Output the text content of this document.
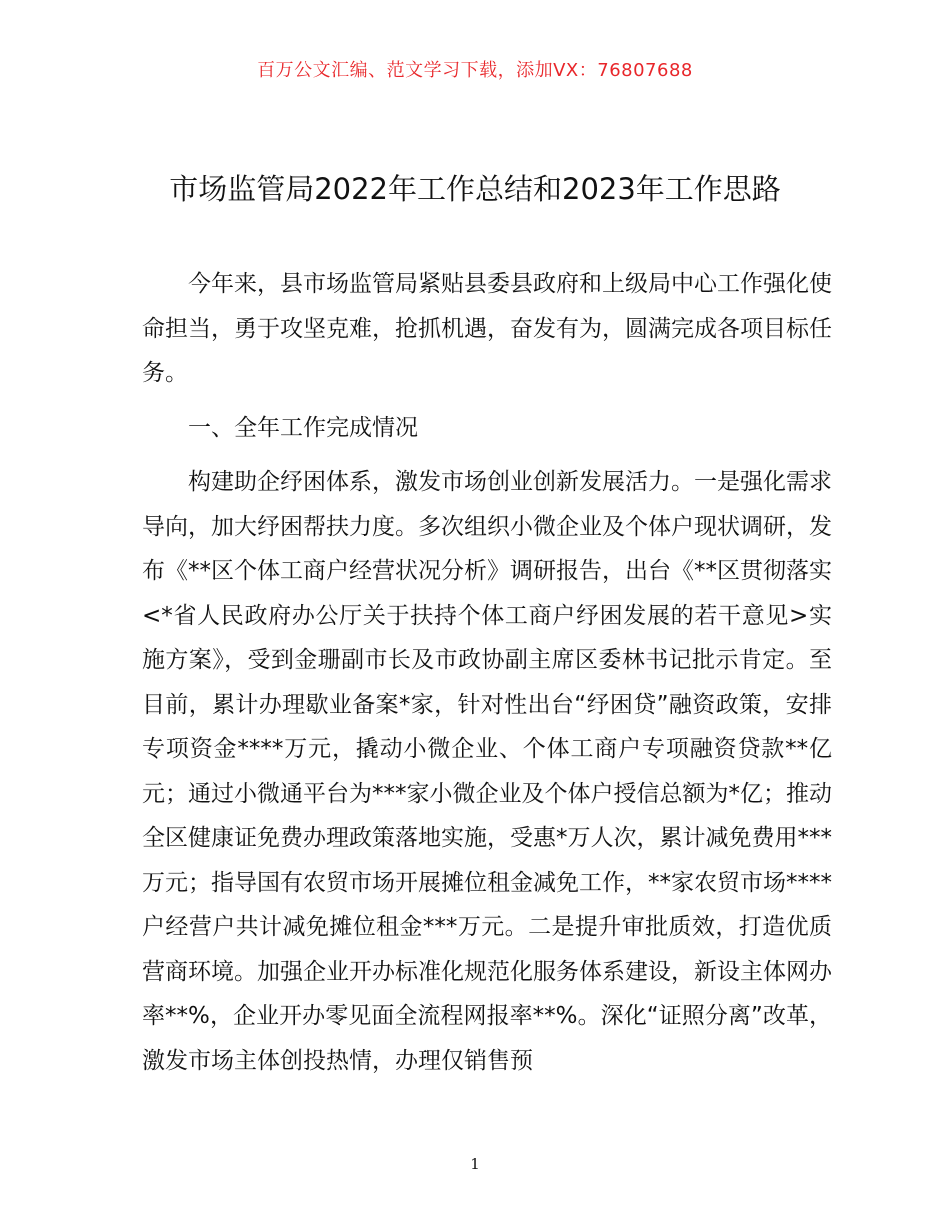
百万公文汇编、范文学习下载，添加VX：76807688
市场监管局2022年工作总结和2023年工作思路

今年来，县市场监管局紧贴县委县政府和上级局中心工作强化使命担当，勇于攻坚克难，抢抓机遇，奋发有为，圆满完成各项目标任务。

一、全年工作完成情况

构建助企纾困体系，激发市场创业创新发展活力。一是强化需求导向，加大纾困帮扶力度。多次组织小微企业及个体户现状调研，发布《**区个体工商户经营状况分析》调研报告，出台《**区贯彻落实<*省人民政府办公厅关于扶持个体工商户纾困发展的若干意见>实施方案》，受到金珊副市长及市政协副主席区委林书记批示肯定。至目前，累计办理歇业备案*家，针对性出台“纾困贷”融资政策，安排专项资金****万元，撬动小微企业、个体工商户专项融资贷款**亿元；通过小微通平台为***家小微企业及个体户授信总额为*亿；推动全区健康证免费办理政策落地实施，受惠*万人次，累计减免费用***万元；指导国有农贸市场开展摊位租金减免工作，**家农贸市场****户经营户共计减免摊位租金***万元。二是提升审批质效，打造优质营商环境。加强企业开办标准化规范化服务体系建设，新设主体网办率**%，企业开办零见面全流程网报率**%。深化“证照分离”改革，激发市场主体创投热情，办理仅销售预

1
